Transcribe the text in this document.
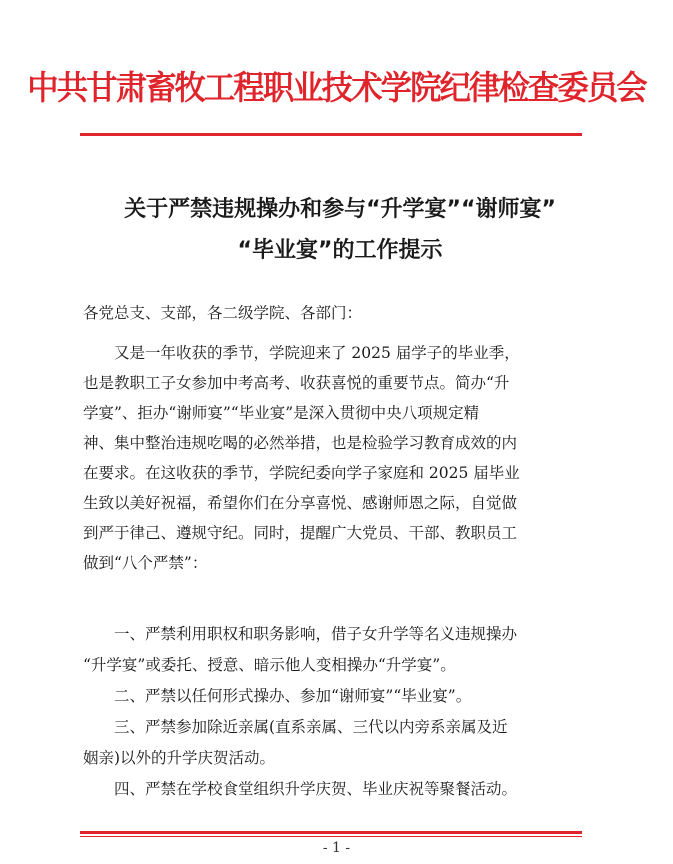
中共甘肃畜牧工程职业技术学院纪律检查委员会
关于严禁违规操办和参与“升学宴”“谢师宴”
“毕业宴”的工作提示
各党总支、支部，各二级学院、各部门：
　　又是一年收获的季节，学院迎来了 2025 届学子的毕业季，
也是教职工子女参加中考高考、收获喜悦的重要节点。简办“升
学宴”、拒办“谢师宴”“毕业宴”是深入贯彻中央八项规定精
神、集中整治违规吃喝的必然举措，也是检验学习教育成效的内
在要求。在这收获的季节，学院纪委向学子家庭和 2025 届毕业
生致以美好祝福，希望你们在分享喜悦、感谢师恩之际，自觉做
到严于律己、遵规守纪。同时，提醒广大党员、干部、教职员工
做到“八个严禁”：
　　一、严禁利用职权和职务影响，借子女升学等名义违规操办
“升学宴”或委托、授意、暗示他人变相操办“升学宴”。
　　二、严禁以任何形式操办、参加“谢师宴”“毕业宴”。
　　三、严禁参加除近亲属(直系亲属、三代以内旁系亲属及近
姻亲)以外的升学庆贺活动。
　　四、严禁在学校食堂组织升学庆贺、毕业庆祝等聚餐活动。
- 1 -
